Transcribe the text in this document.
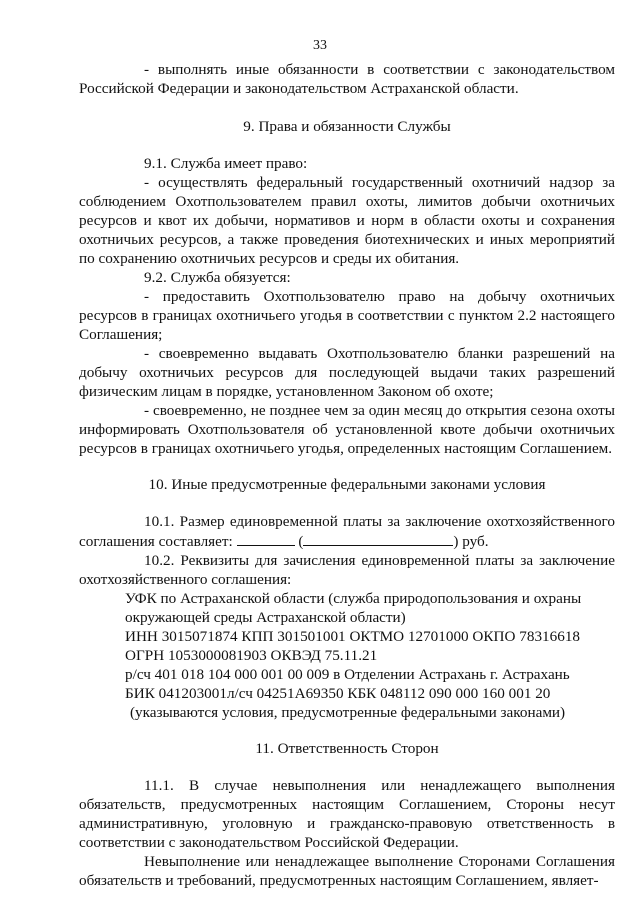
33

- выполнять иные обязанности в соответствии с законодательством Российской Федерации и законодательством Астраханской области.

9. Права и обязанности Службы

9.1. Служба имеет право:

- осуществлять федеральный государственный охотничий надзор за соблюдением Охотпользователем правил охоты, лимитов добычи охотничьих ресурсов и квот их добычи, нормативов и норм в области охоты и сохранения охотничьих ресурсов, а также проведения биотехнических и иных мероприятий по сохранению охотничьих ресурсов и среды их обитания.

9.2. Служба обязуется:

- предоставить Охотпользователю право на добычу охотничьих ресурсов в границах охотничьего угодья в соответствии с пунктом 2.2 настоящего Соглашения;

- своевременно выдавать Охотпользователю бланки разрешений на добычу охотничьих ресурсов для последующей выдачи таких разрешений физическим лицам в порядке, установленном Законом об охоте;

- своевременно, не позднее чем за один месяц до открытия сезона охоты информировать Охотпользователя об установленной квоте добычи охотничьих ресурсов в границах охотничьего угодья, определенных настоящим Соглашением.

10. Иные предусмотренные федеральными законами условия

10.1. Размер единовременной платы за заключение охотхозяйственного соглашения составляет:	(	) руб.

10.2. Реквизиты для зачисления единовременной платы за заключение охотхозяйственного соглашения:

УФК по Астраханской области (служба природопользования и охраны окружающей среды Астраханской области)

ИНН 3015071874 КПП 301501001 ОКТМО 12701000 ОКПО 78316618

ОГРН 1053000081903 ОКВЭД 75.11.21

р/сч 401 018 104 000 001 00 009 в Отделении Астрахань г. Астрахань

БИК 041203001л/сч 04251А69350 КБК 048112 090 000 160 001 20

(указываются условия, предусмотренные федеральными законами)

11. Ответственность Сторон

11.1. В случае невыполнения или ненадлежащего выполнения обязательств, предусмотренных настоящим Соглашением, Стороны несут административную, уголовную и гражданско-правовую ответственность в соответствии с законодательством Российской Федерации.

Невыполнение или ненадлежащее выполнение Сторонами Соглашения обязательств и требований, предусмотренных настоящим Соглашением, являет-
